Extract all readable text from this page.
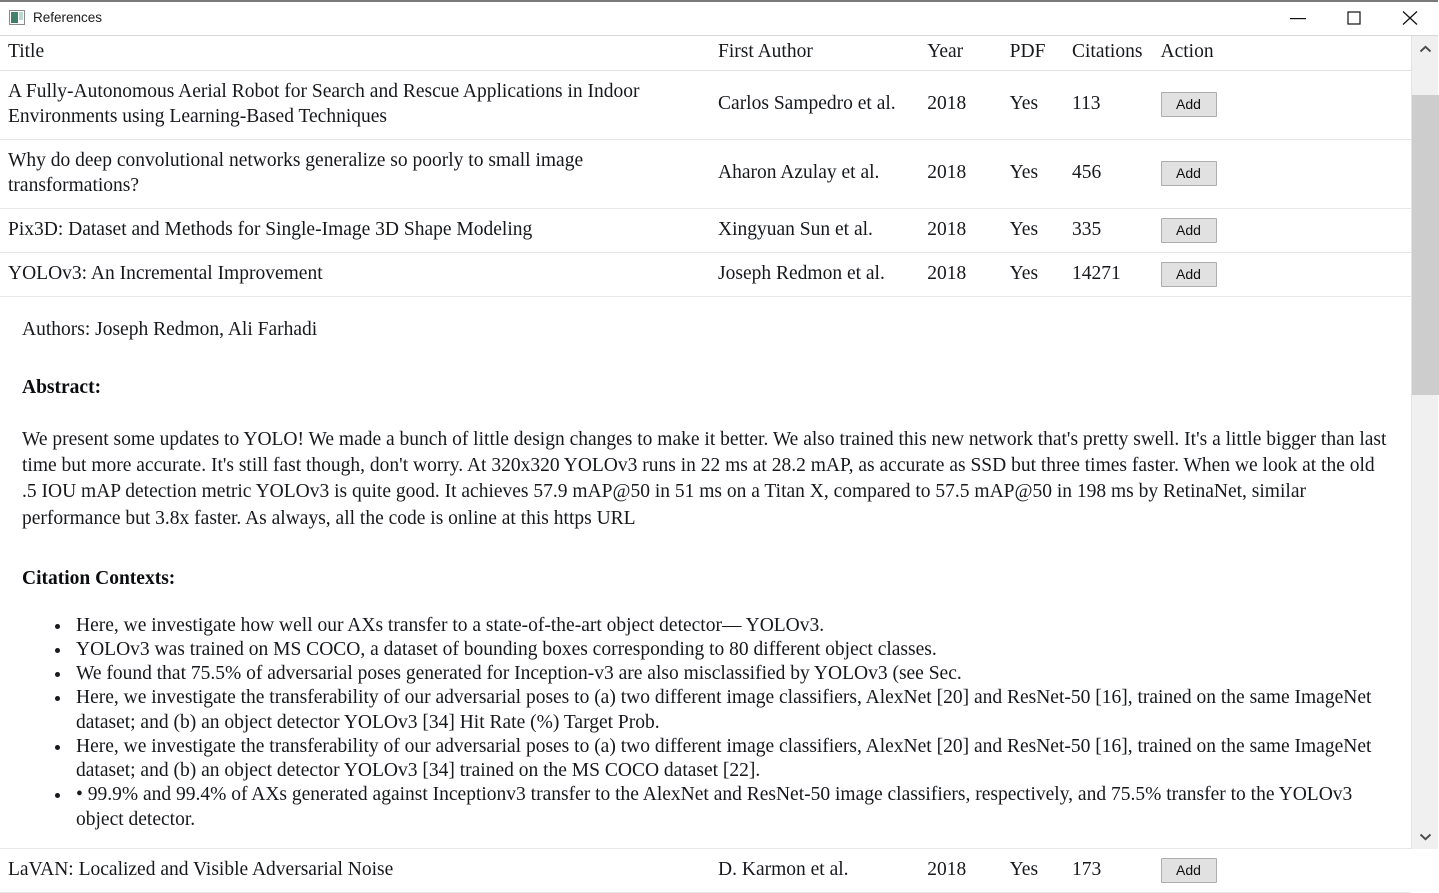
References
Title	First Author	Year	PDF	Citations	Action
A Fully-Autonomous Aerial Robot for Search and Rescue Applications in Indoor Environments using Learning-Based Techniques	Carlos Sampedro et al.	2018	Yes	113	Add
Why do deep convolutional networks generalize so poorly to small image transformations?	Aharon Azulay et al.	2018	Yes	456	Add
Pix3D: Dataset and Methods for Single-Image 3D Shape Modeling	Xingyuan Sun et al.	2018	Yes	335	Add
YOLOv3: An Incremental Improvement	Joseph Redmon et al.	2018	Yes	14271	Add

Authors: Joseph Redmon, Ali Farhadi
Abstract:

We present some updates to YOLO! We made a bunch of little design changes to make it better. We also trained this new network that's pretty swell. It's a little bigger than last time but more accurate. It's still fast though, don't worry. At 320x320 YOLOv3 runs in 22 ms at 28.2 mAP, as accurate as SSD but three times faster. When we look at the old .5 IOU mAP detection metric YOLOv3 is quite good. It achieves 57.9 mAP@50 in 51 ms on a Titan X, compared to 57.5 mAP@50 in 198 ms by RetinaNet, similar performance but 3.8x faster. As always, all the code is online at this https URL

Citation Contexts:
• Here, we investigate how well our AXs transfer to a state-of-the-art object detector— YOLOv3.
• YOLOv3 was trained on MS COCO, a dataset of bounding boxes corresponding to 80 different object classes.
• We found that 75.5% of adversarial poses generated for Inception-v3 are also misclassified by YOLOv3 (see Sec.
• Here, we investigate the transferability of our adversarial poses to (a) two different image classifiers, AlexNet [20] and ResNet-50 [16], trained on the same ImageNet dataset; and (b) an object detector YOLOv3 [34] Hit Rate (%) Target Prob.
• Here, we investigate the transferability of our adversarial poses to (a) two different image classifiers, AlexNet [20] and ResNet-50 [16], trained on the same ImageNet dataset; and (b) an object detector YOLOv3 [34] trained on the MS COCO dataset [22].
• • 99.9% and 99.4% of AXs generated against Inceptionv3 transfer to the AlexNet and ResNet-50 image classifiers, respectively, and 75.5% transfer to the YOLOv3 object detector.

LaVAN: Localized and Visible Adversarial Noise	D. Karmon et al.	2018	Yes	173	Add
